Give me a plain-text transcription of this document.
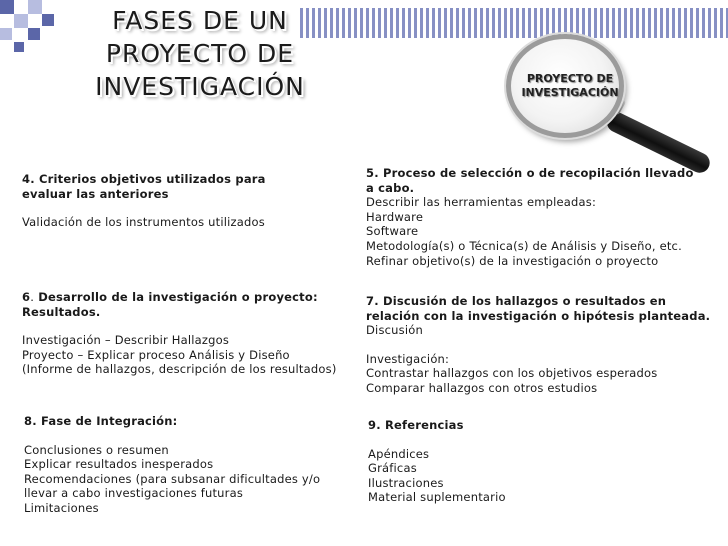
FASES DE UN
PROYECTO DE
INVESTIGACIÓN	PROYECTO DE
INVESTIGACIÓN
4. Criterios objetivos utilizados para
evaluar las anteriores
Validación de los instrumentos utilizados
5. Proceso de selección o de recopilación llevado
a cabo.
Describir las herramientas empleadas:
Hardware
Software
Metodología(s) o Técnica(s) de Análisis y Diseño, etc.
Refinar objetivo(s) de la investigación o proyecto
6. Desarrollo de la investigación o proyecto:
Resultados.
Investigación – Describir Hallazgos
Proyecto – Explicar proceso Análisis y Diseño
(Informe de hallazgos, descripción de los resultados)
7. Discusión de los hallazgos o resultados en
relación con la investigación o hipótesis planteada.
Discusión
Investigación:
Contrastar hallazgos con los objetivos esperados
Comparar hallazgos con otros estudios
8. Fase de Integración:
Conclusiones o resumen
Explicar resultados inesperados
Recomendaciones (para subsanar dificultades y/o
llevar a cabo investigaciones futuras
Limitaciones
9. Referencias
Apéndices
Gráficas
Ilustraciones
Material suplementario
